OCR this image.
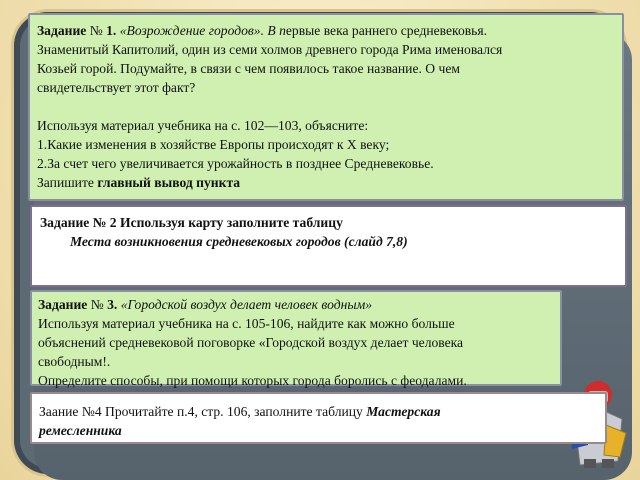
Задание № 1. «Возрождение городов». В первые века раннего средневековья.
Знаменитый Капитолий, один из семи холмов древнего города Рима именовался
Козьей горой. Подумайте, в связи с чем появилось такое название. О чем
свидетельствует этот факт?
Используя материал учебника на с. 102—103, объясните:
1.Какие изменения в хозяйстве Европы происходят к X веку;
2.За счет чего увеличивается урожайность в позднее Средневековье.
Запишите главный вывод пункта
Задание № 2 Используя карту заполните таблицу
Места возникновения средневековых городов (слайд 7,8)
Задание № 3. «Городской воздух делает человек водным»
Используя материал учебника на с. 105-106, найдите как можно больше
объяснений средневековой поговорке «Городской воздух делает человека
свободным!.
Определите способы, при помощи которых города боролись с феодалами.
Заание №4 Прочитайте п.4, стр. 106, заполните таблицу Мастерская
ремесленника
